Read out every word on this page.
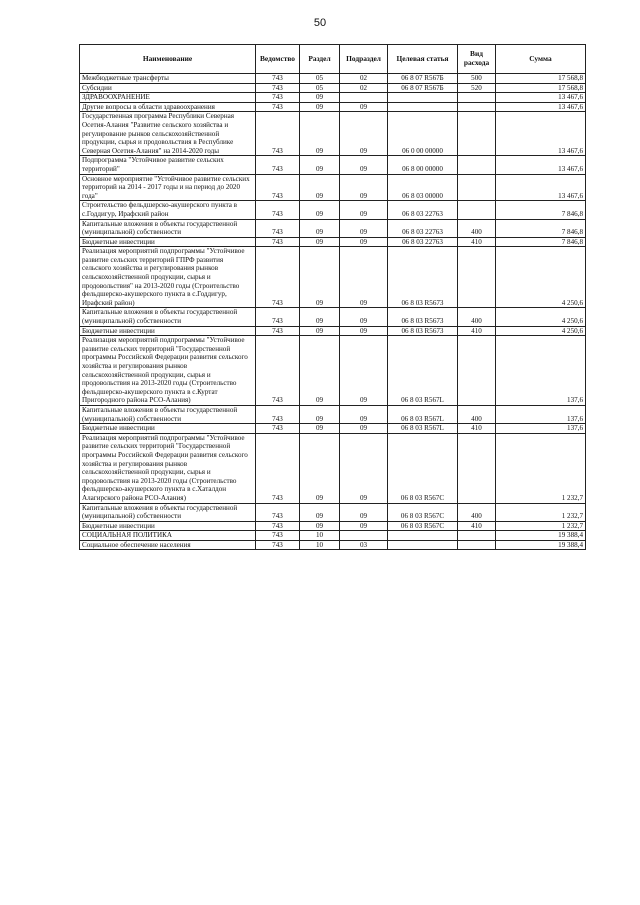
50
Наименование	Ведомство	Раздел	Подраздел	Целевая статья	Вид расхода	Сумма
Межбюджетные трансферты	743	05	02	06 8 07 R567Б	500	17 568,8
Субсидии	743	05	02	06 8 07 R567Б	520	17 568,8
ЗДРАВООХРАНЕНИЕ	743	09				13 467,6
Другие вопросы в области здравоохранения	743	09	09			13 467,6
Государственная программа Республики Северная Осетия-Алания "Развитие сельского хозяйства и регулирование рынков сельскохозяйственной продукции, сырья и продовольствия в Республике Северная Осетия-Алания" на 2014-2020 годы	743	09	09	06 0 00 00000		13 467,6
Подпрограмма "Устойчивое развитие сельских территорий"	743	09	09	06 8 00 00000		13 467,6
Основное мероприятие "Устойчивое развитие сельских территорий на 2014 - 2017 годы и на период до 2020 года"	743	09	09	06 8 03 00000		13 467,6
Строительство фельдшерско-акушерского пункта в с.Годдигур, Ирафский район	743	09	09	06 8 03 22763		7 846,8
Капитальные вложения в объекты государственной (муниципальной) собственности	743	09	09	06 8 03 22763	400	7 846,8
Бюджетные инвестиции	743	09	09	06 8 03 22763	410	7 846,8
Реализация мероприятий подпрограммы "Устойчивое развитие сельских территорий ГПРФ развития сельского хозяйства и регулирования рынков сельскохозяйственной продукции, сырья и продовольствия" на 2013-2020 годы (Строительство фельдшерско-акушерского пункта в с.Годдигур, Ирафский район)	743	09	09	06 8 03 R5673		4 250,6
Капитальные вложения в объекты государственной (муниципальной) собственности	743	09	09	06 8 03 R5673	400	4 250,6
Бюджетные инвестиции	743	09	09	06 8 03 R5673	410	4 250,6
Реализация мероприятий подпрограммы "Устойчивое развитие сельских территорий "Государственной программы Российской Федерации развития сельского хозяйства и регулирования рынков сельскохозяйственной продукции, сырья и продовольствия на 2013-2020 годы (Строительство фельдшерско-акушерского пункта в с.Куртат Пригородного района РСО-Алания)	743	09	09	06 8 03 R567L		137,6
Капитальные вложения в объекты государственной (муниципальной) собственности	743	09	09	06 8 03 R567L	400	137,6
Бюджетные инвестиции	743	09	09	06 8 03 R567L	410	137,6
Реализация мероприятий подпрограммы "Устойчивое развитие сельских территорий "Государственной программы Российской Федерации развития сельского хозяйства и регулирования рынков сельскохозяйственной продукции, сырья и продовольствия на 2013-2020 годы (Строительство фельдшерско-акушерского пункта в с.Хаталдон Алагирского района РСО-Алания)	743	09	09	06 8 03 R567C		1 232,7
Капитальные вложения в объекты государственной (муниципальной) собственности	743	09	09	06 8 03 R567C	400	1 232,7
Бюджетные инвестиции	743	09	09	06 8 03 R567C	410	1 232,7
СОЦИАЛЬНАЯ ПОЛИТИКА	743	10				19 388,4
Социальное обеспечение населения	743	10	03			19 388,4
